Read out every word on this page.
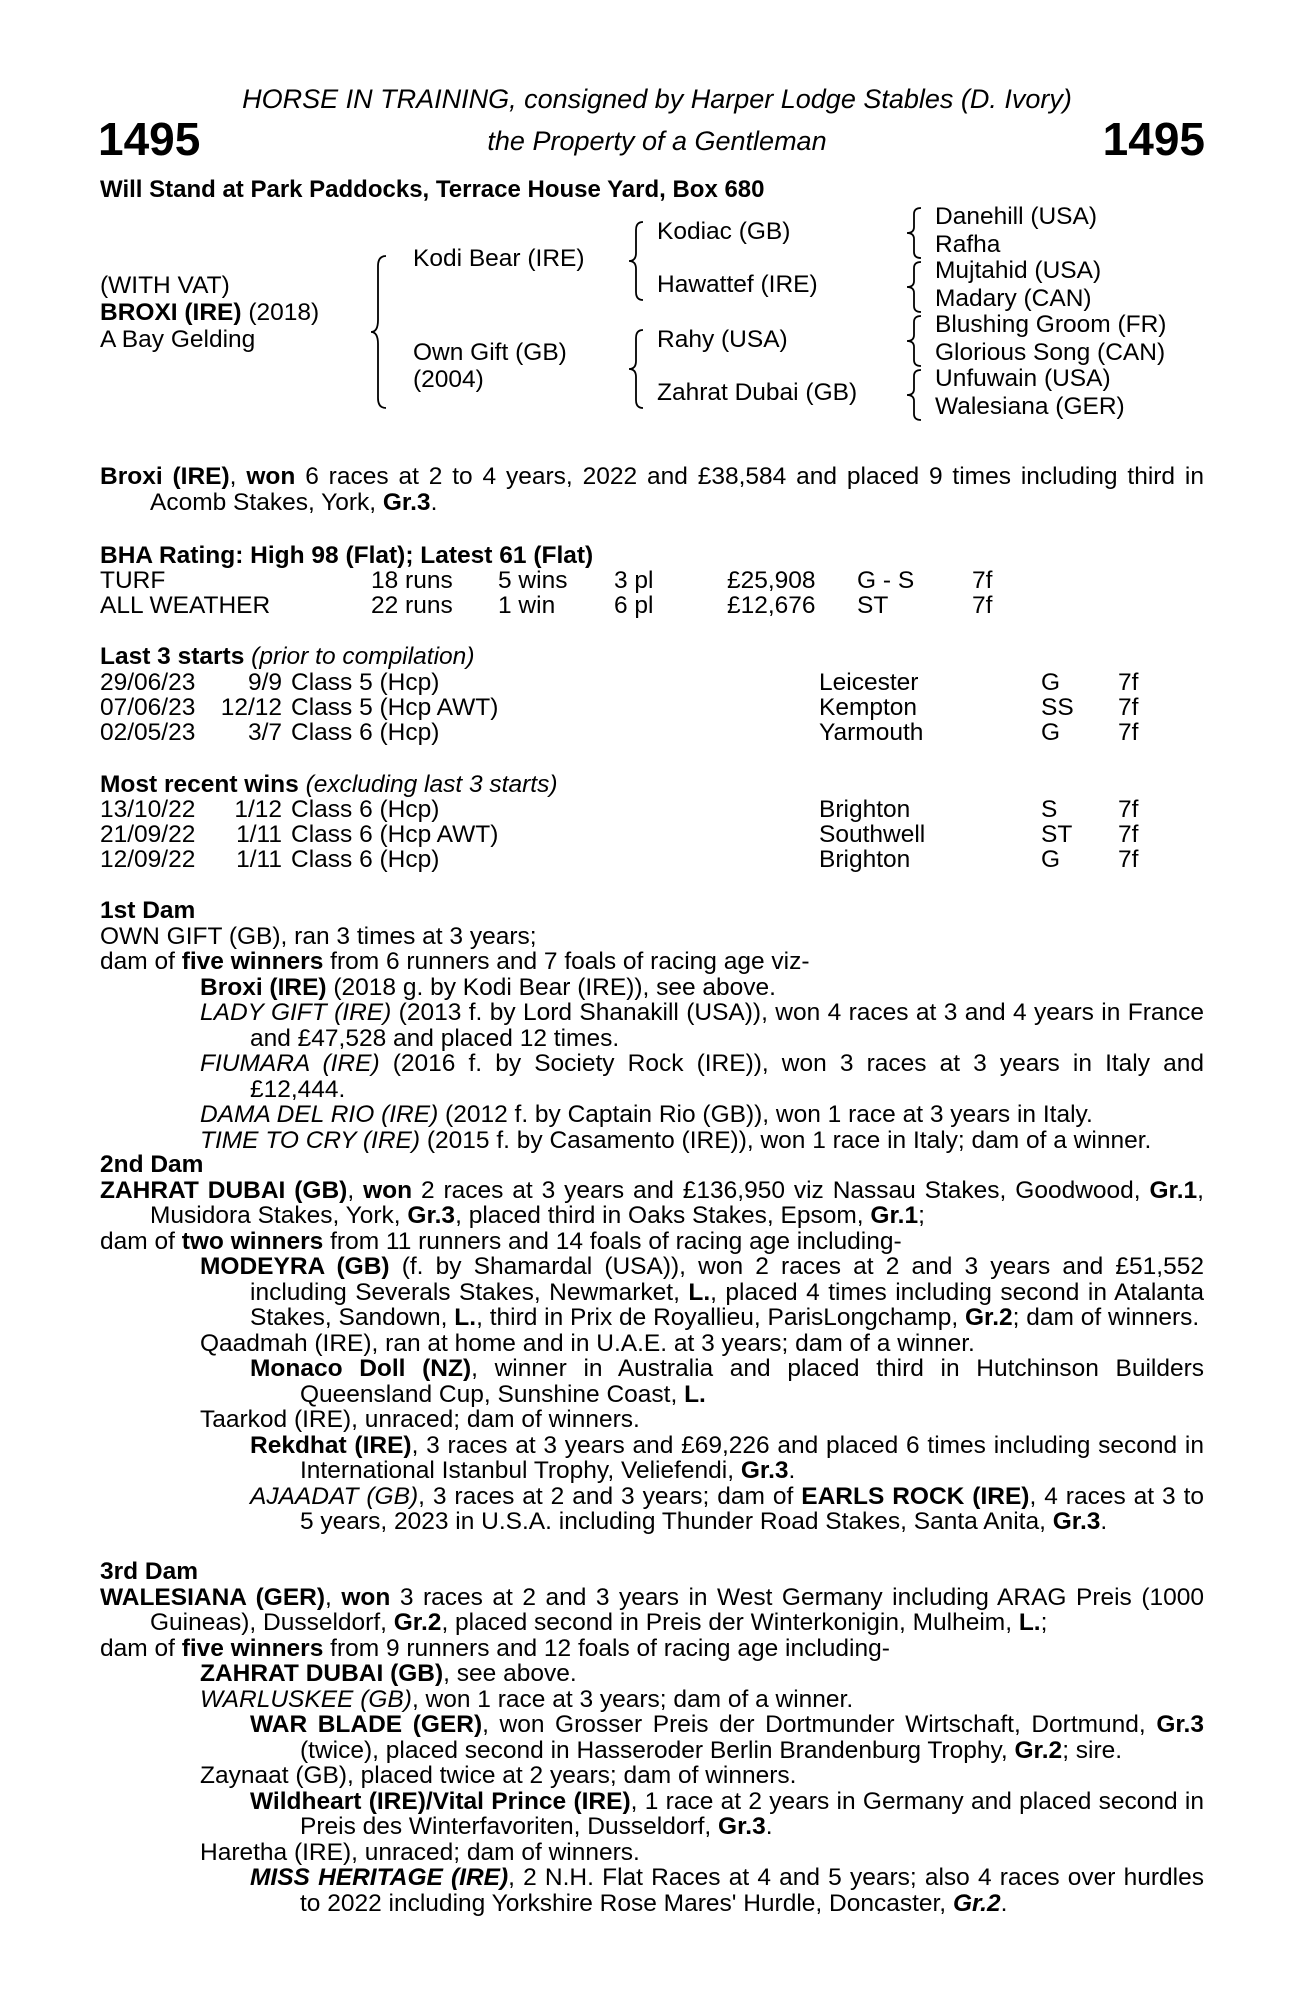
HORSE IN TRAINING, consigned by Harper Lodge Stables (D. Ivory)
the Property of a Gentleman
1495	1495
Will Stand at Park Paddocks, Terrace House Yard, Box 680
(WITH VAT)
BROXI (IRE) (2018)
A Bay Gelding
Kodi Bear (IRE)
Own Gift (GB)
(2004)
Kodiac (GB)
Hawattef (IRE)
Rahy (USA)
Zahrat Dubai (GB)
Danehill (USA)
Rafha
Mujtahid (USA)
Madary (CAN)
Blushing Groom (FR)
Glorious Song (CAN)
Unfuwain (USA)
Walesiana (GER)
Broxi (IRE), won 6 races at 2 to 4 years, 2022 and £38,584 and placed 9 times including third in Acomb Stakes, York, Gr.3.
BHA Rating: High 98 (Flat); Latest 61 (Flat)
TURF	18 runs 5 wins 3 pl	£25,908 G - S 7f
ALL WEATHER	22 runs 1 win 6 pl	£12,676 ST	7f
Last 3 starts (prior to compilation)
29/06/23	9/9 Class 5 (Hcp)	Leicester	G 7f
07/06/23	12/12 Class 5 (Hcp AWT)	Kempton	SS 7f
02/05/23	3/7 Class 6 (Hcp)	Yarmouth	G 7f
Most recent wins (excluding last 3 starts)
13/10/22	1/12 Class 6 (Hcp)	Brighton	S 7f
21/09/22	1/11 Class 6 (Hcp AWT)	Southwell	ST 7f
12/09/22	1/11 Class 6 (Hcp)	Brighton	G 7f

1st Dam

OWN GIFT (GB), ran 3 times at 3 years;

dam of five winners from 6 runners and 7 foals of racing age viz-

Broxi (IRE) (2018 g. by Kodi Bear (IRE)), see above.

LADY GIFT (IRE) (2013 f. by Lord Shanakill (USA)), won 4 races at 3 and 4 years in France and £47,528 and placed 12 times.

FIUMARA (IRE) (2016 f. by Society Rock (IRE)), won 3 races at 3 years in Italy and £12,444.

DAMA DEL RIO (IRE) (2012 f. by Captain Rio (GB)), won 1 race at 3 years in Italy.

TIME TO CRY (IRE) (2015 f. by Casamento (IRE)), won 1 race in Italy; dam of a winner.

2nd Dam

ZAHRAT DUBAI (GB), won 2 races at 3 years and £136,950 viz Nassau Stakes, Goodwood, Gr.1, Musidora Stakes, York, Gr.3, placed third in Oaks Stakes, Epsom, Gr.1;

dam of two winners from 11 runners and 14 foals of racing age including-

MODEYRA (GB) (f. by Shamardal (USA)), won 2 races at 2 and 3 years and £51,552 including Severals Stakes, Newmarket, L., placed 4 times including second in Atalanta Stakes, Sandown, L., third in Prix de Royallieu, ParisLongchamp, Gr.2; dam of winners.

Qaadmah (IRE), ran at home and in U.A.E. at 3 years; dam of a winner.

Monaco Doll (NZ), winner in Australia and placed third in Hutchinson Builders Queensland Cup, Sunshine Coast, L.

Taarkod (IRE), unraced; dam of winners.

Rekdhat (IRE), 3 races at 3 years and £69,226 and placed 6 times including second in International Istanbul Trophy, Veliefendi, Gr.3.

AJAADAT (GB), 3 races at 2 and 3 years; dam of EARLS ROCK (IRE), 4 races at 3 to 5 years, 2023 in U.S.A. including Thunder Road Stakes, Santa Anita, Gr.3.

3rd Dam

WALESIANA (GER), won 3 races at 2 and 3 years in West Germany including ARAG Preis (1000 Guineas), Dusseldorf, Gr.2, placed second in Preis der Winterkonigin, Mulheim, L.;

dam of five winners from 9 runners and 12 foals of racing age including-

ZAHRAT DUBAI (GB), see above.

WARLUSKEE (GB), won 1 race at 3 years; dam of a winner.

WAR BLADE (GER), won Grosser Preis der Dortmunder Wirtschaft, Dortmund, Gr.3 (twice), placed second in Hasseroder Berlin Brandenburg Trophy, Gr.2; sire.

Zaynaat (GB), placed twice at 2 years; dam of winners.

Wildheart (IRE)/Vital Prince (IRE), 1 race at 2 years in Germany and placed second in Preis des Winterfavoriten, Dusseldorf, Gr.3.

Haretha (IRE), unraced; dam of winners.

MISS HERITAGE (IRE), 2 N.H. Flat Races at 4 and 5 years; also 4 races over hurdles to 2022 including Yorkshire Rose Mares' Hurdle, Doncaster, Gr.2.
